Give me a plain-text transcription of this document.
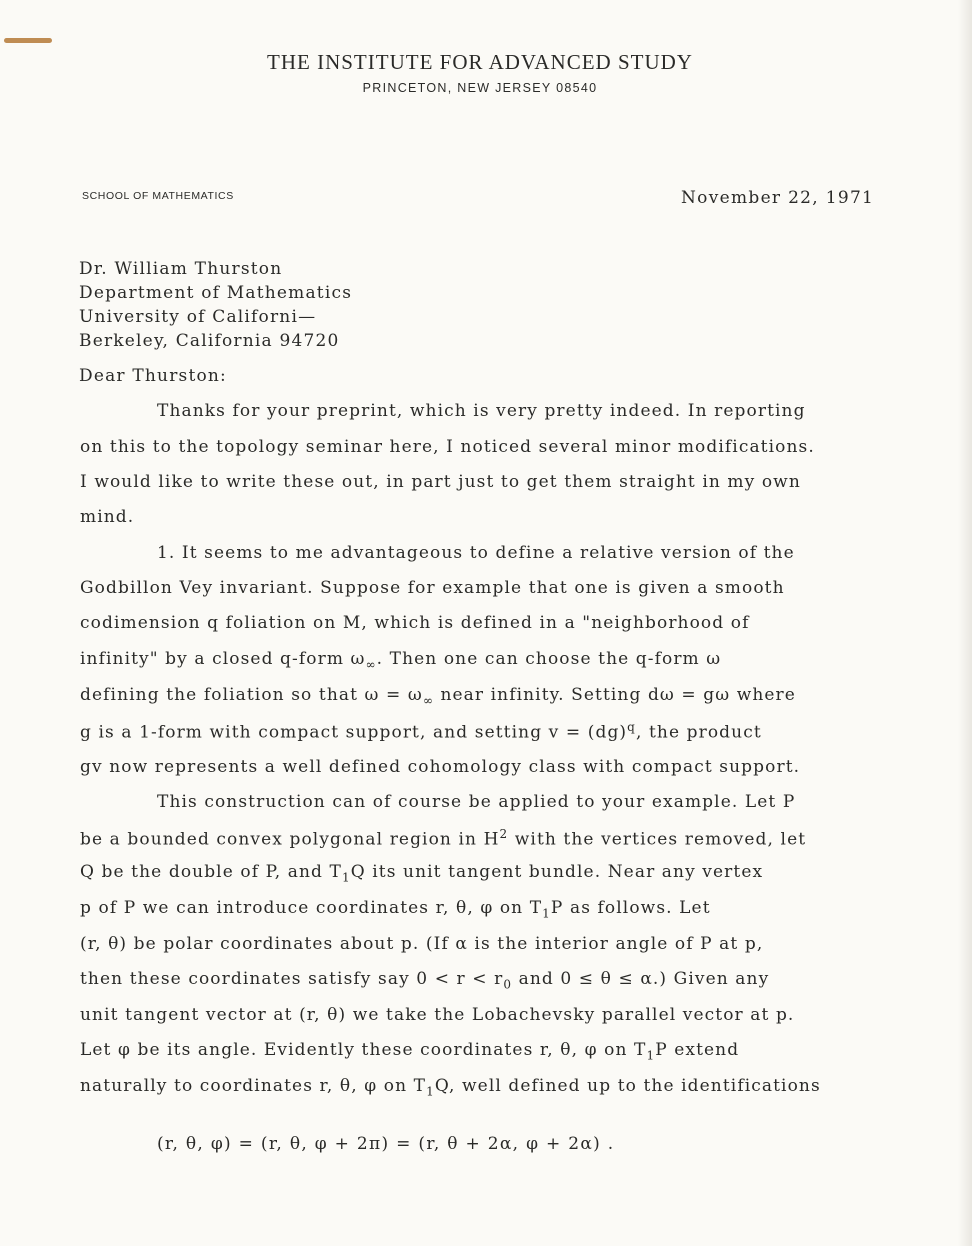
THE INSTITUTE FOR ADVANCED STUDY
PRINCETON, NEW JERSEY 08540
SCHOOL OF MATHEMATICS	November 22, 1971
Dr. William Thurston
Department of Mathematics
University of Californi—
Berkeley, California 94720
Dear Thurston:
Thanks for your preprint, which is very pretty indeed. In reporting
on this to the topology seminar here, I noticed several minor modifications.
I would like to write these out, in part just to get them straight in my own
mind.
1. It seems to me advantageous to define a relative version of the
Godbillon Vey invariant. Suppose for example that one is given a smooth
codimension q foliation on M, which is defined in a "neighborhood of
infinity" by a closed q-form $\omega_\infty$. Then one can choose the q-form ω
defining the foliation so that $\omega = \omega_\infty$ near infinity. Setting dω = gω where
g is a 1-form with compact support, and setting v = (dg)$^q$, the product
gv now represents a well defined cohomology class with compact support.
This construction can of course be applied to your example. Let P
be a bounded convex polygonal region in $H^2$ with the vertices removed, let
Q be the double of P, and $T_1Q$ its unit tangent bundle. Near any vertex
p of P we can introduce coordinates r, θ, φ on $T_1P$ as follows. Let
(r, θ) be polar coordinates about p. (If α is the interior angle of P at p,
then these coordinates satisfy say $0 < r < r_0$ and 0 ≤ θ ≤ α.) Given any
unit tangent vector at (r, θ) we take the Lobachevsky parallel vector at p.
Let φ be its angle. Evidently these coordinates r, θ, φ on $T_1P$ extend
naturally to coordinates r, θ, φ on $T_1Q$, well defined up to the identifications
(r, θ, φ) = (r, θ, φ + 2π) = (r, θ + 2α, φ + 2α) .
